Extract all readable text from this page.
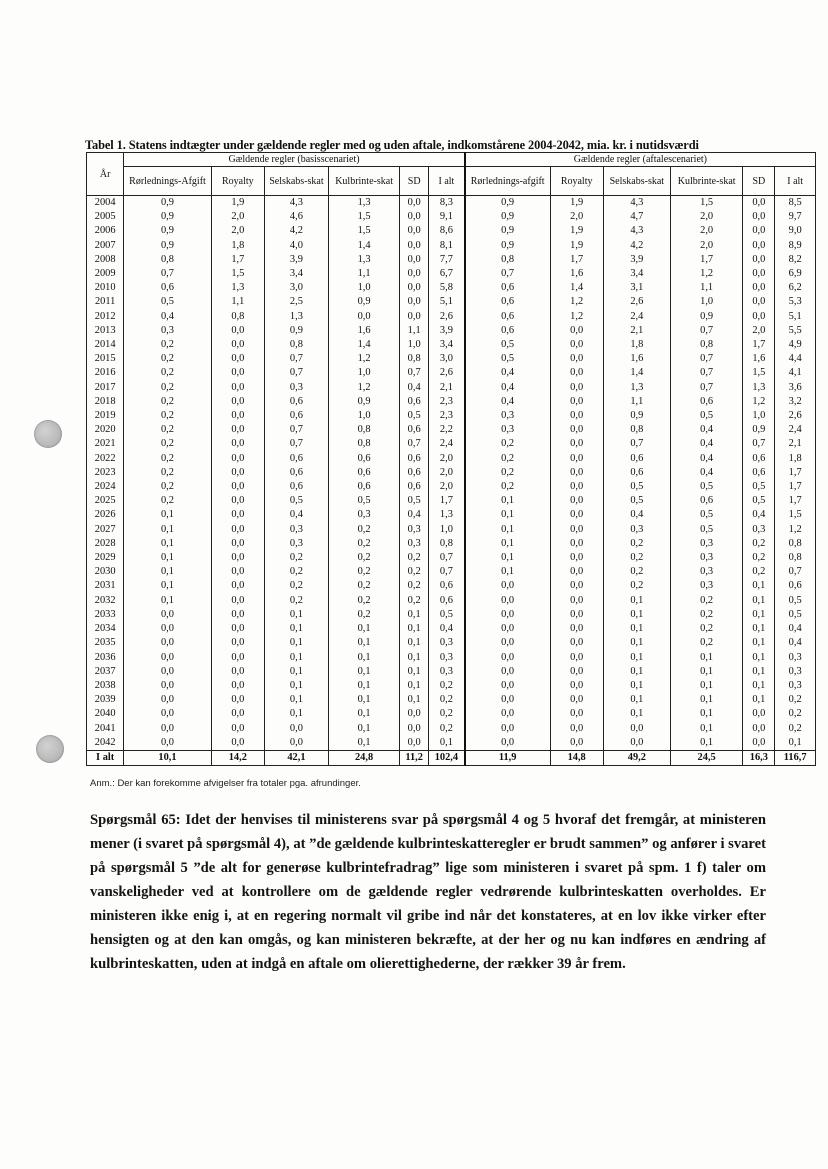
Tabel 1. Statens indtægter under gældende regler med og uden aftale, indkomstårene 2004-2042, mia. kr. i nutidsværdi
År	Gældende regler (basisscenariet)						Gældende regler (aftalescenariet)					
	Rørlednings-Afgift	Royalty	Selskabs-skat	Kulbrinte-skat	SD	I alt	Rørlednings-afgift	Royalty	Selskabs-skat	Kulbrinte-skat	SD	I alt
2004	0,9	1,9	4,3	1,3	0,0	8,3	0,9	1,9	4,3	1,5	0,0	8,5
2005	0,9	2,0	4,6	1,5	0,0	9,1	0,9	2,0	4,7	2,0	0,0	9,7
2006	0,9	2,0	4,2	1,5	0,0	8,6	0,9	1,9	4,3	2,0	0,0	9,0
2007	0,9	1,8	4,0	1,4	0,0	8,1	0,9	1,9	4,2	2,0	0,0	8,9
2008	0,8	1,7	3,9	1,3	0,0	7,7	0,8	1,7	3,9	1,7	0,0	8,2
2009	0,7	1,5	3,4	1,1	0,0	6,7	0,7	1,6	3,4	1,2	0,0	6,9
2010	0,6	1,3	3,0	1,0	0,0	5,8	0,6	1,4	3,1	1,1	0,0	6,2
2011	0,5	1,1	2,5	0,9	0,0	5,1	0,6	1,2	2,6	1,0	0,0	5,3
2012	0,4	0,8	1,3	0,0	0,0	2,6	0,6	1,2	2,4	0,9	0,0	5,1
2013	0,3	0,0	0,9	1,6	1,1	3,9	0,6	0,0	2,1	0,7	2,0	5,5
2014	0,2	0,0	0,8	1,4	1,0	3,4	0,5	0,0	1,8	0,8	1,7	4,9
2015	0,2	0,0	0,7	1,2	0,8	3,0	0,5	0,0	1,6	0,7	1,6	4,4
2016	0,2	0,0	0,7	1,0	0,7	2,6	0,4	0,0	1,4	0,7	1,5	4,1
2017	0,2	0,0	0,3	1,2	0,4	2,1	0,4	0,0	1,3	0,7	1,3	3,6
2018	0,2	0,0	0,6	0,9	0,6	2,3	0,4	0,0	1,1	0,6	1,2	3,2
2019	0,2	0,0	0,6	1,0	0,5	2,3	0,3	0,0	0,9	0,5	1,0	2,6
2020	0,2	0,0	0,7	0,8	0,6	2,2	0,3	0,0	0,8	0,4	0,9	2,4
2021	0,2	0,0	0,7	0,8	0,7	2,4	0,2	0,0	0,7	0,4	0,7	2,1
2022	0,2	0,0	0,6	0,6	0,6	2,0	0,2	0,0	0,6	0,4	0,6	1,8
2023	0,2	0,0	0,6	0,6	0,6	2,0	0,2	0,0	0,6	0,4	0,6	1,7
2024	0,2	0,0	0,6	0,6	0,6	2,0	0,2	0,0	0,5	0,5	0,5	1,7
2025	0,2	0,0	0,5	0,5	0,5	1,7	0,1	0,0	0,5	0,6	0,5	1,7
2026	0,1	0,0	0,4	0,3	0,4	1,3	0,1	0,0	0,4	0,5	0,4	1,5
2027	0,1	0,0	0,3	0,2	0,3	1,0	0,1	0,0	0,3	0,5	0,3	1,2
2028	0,1	0,0	0,3	0,2	0,3	0,8	0,1	0,0	0,2	0,3	0,2	0,8
2029	0,1	0,0	0,2	0,2	0,2	0,7	0,1	0,0	0,2	0,3	0,2	0,8
2030	0,1	0,0	0,2	0,2	0,2	0,7	0,1	0,0	0,2	0,3	0,2	0,7
2031	0,1	0,0	0,2	0,2	0,2	0,6	0,0	0,0	0,2	0,3	0,1	0,6
2032	0,1	0,0	0,2	0,2	0,2	0,6	0,0	0,0	0,1	0,2	0,1	0,5
2033	0,0	0,0	0,1	0,2	0,1	0,5	0,0	0,0	0,1	0,2	0,1	0,5
2034	0,0	0,0	0,1	0,1	0,1	0,4	0,0	0,0	0,1	0,2	0,1	0,4
2035	0,0	0,0	0,1	0,1	0,1	0,3	0,0	0,0	0,1	0,2	0,1	0,4
2036	0,0	0,0	0,1	0,1	0,1	0,3	0,0	0,0	0,1	0,1	0,1	0,3
2037	0,0	0,0	0,1	0,1	0,1	0,3	0,0	0,0	0,1	0,1	0,1	0,3
2038	0,0	0,0	0,1	0,1	0,1	0,2	0,0	0,0	0,1	0,1	0,1	0,3
2039	0,0	0,0	0,1	0,1	0,1	0,2	0,0	0,0	0,1	0,1	0,1	0,2
2040	0,0	0,0	0,1	0,1	0,0	0,2	0,0	0,0	0,1	0,1	0,0	0,2
2041	0,0	0,0	0,0	0,1	0,0	0,2	0,0	0,0	0,0	0,1	0,0	0,2
2042	0,0	0,0	0,0	0,1	0,0	0,1	0,0	0,0	0,0	0,1	0,0	0,1
I alt	10,1	14,2	42,1	24,8	11,2	102,4	11,9	14,8	49,2	24,5	16,3	116,7
Anm.: Der kan forekomme afvigelser fra totaler pga. afrundinger.
Spørgsmål 65: Idet der henvises til ministerens svar på spørgsmål 4 og 5 hvoraf det fremgår, at ministeren mener (i svaret på spørgsmål 4), at ”de gældende kulbrinteskatteregler er brudt sammen” og anfører i svaret på spørgsmål 5 ”de alt for generøse kulbrintefradrag” lige som ministeren i svaret på spm. 1 f) taler om vanskeligheder ved at kontrollere om de gældende regler vedrørende kulbrinteskatten overholdes. Er ministeren ikke enig i, at en regering normalt vil gribe ind når det konstateres, at en lov ikke virker efter hensigten og at den kan omgås, og kan ministeren bekræfte, at der her og nu kan indføres en ændring af kulbrinteskatten, uden at indgå en aftale om olierettighederne, der rækker 39 år frem.
